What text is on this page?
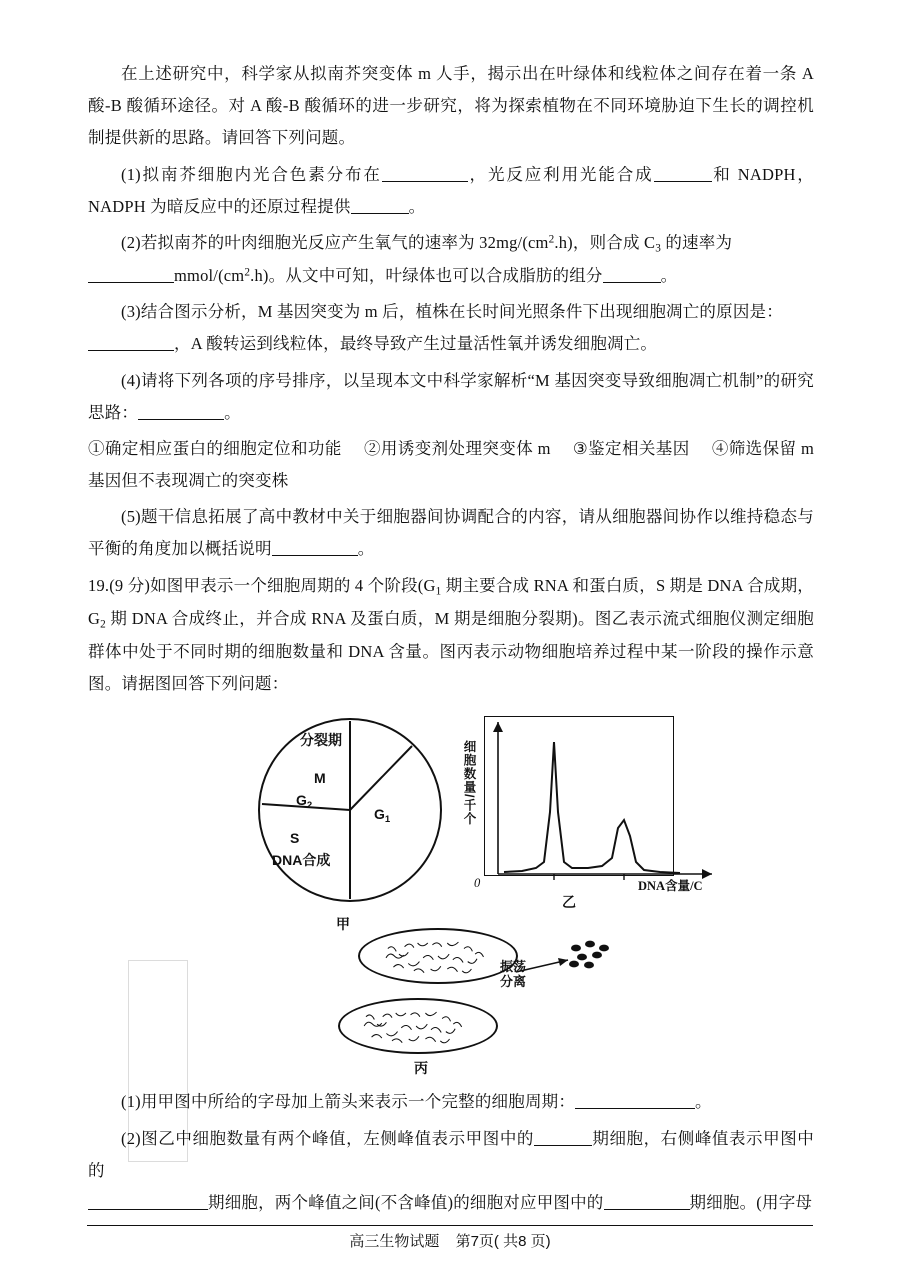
在上述研究中，科学家从拟南芥突变体 m 人手，揭示出在叶绿体和线粒体之间存在着一条 A 酸-B 酸循环途径。对 A 酸-B 酸循环的进一步研究，将为探索植物在不同环境胁迫下生长的调控机制提供新的思路。请回答下列问题。

(1)拟南芥细胞内光合色素分布在	，光反应利用光能合成	和 NADPH，NADPH 为暗反应中的还原过程提供	。

(2)若拟南芥的叶肉细胞光反应产生氧气的速率为 $32mg/(cm^2.h)$，则合成 $C_3$ 的速率为
mmol/$(cm^2.h)$。从文中可知，叶绿体也可以合成脂肪的组分	。

(3)结合图示分析，M 基因突变为 m 后，植株在长时间光照条件下出现细胞凋亡的原因是：
，A 酸转运到线粒体，最终导致产生过量活性氧并诱发细胞凋亡。

(4)请将下列各项的序号排序，以呈现本文中科学家解析“M 基因突变导致细胞凋亡机制”的研究思路：	。

①确定相应蛋白的细胞定位和功能 ②用诱变剂处理突变体 m ③鉴定相关基因 ④筛选保留 m 基因但不表现凋亡的突变株

(5)题干信息拓展了高中教材中关于细胞器间协调配合的内容，请从细胞器间协作以维持稳态与平衡的角度加以概括说明	。

19.(9 分)如图甲表示一个细胞周期的 4 个阶段($G_1$ 期主要合成 RNA 和蛋白质，S 期是 DNA 合成期，$G_2$ 期 DNA 合成终止，并合成 RNA 及蛋白质，M 期是细胞分裂期)。图乙表示流式细胞仪测定细胞群体中处于不同时期的细胞数量和 DNA 含量。图丙表示动物细胞培养过程中某一阶段的操作示意图。请据图回答下列问题：

分裂期
M
$G_2$
$G_1$
S
DNA合成
甲
细胞数量/千个
0	DNA含量/C
乙
振荡
分离
丙

(1)用甲图中所给的字母加上箭头来表示一个完整的细胞周期：	。

(2)图乙中细胞数量有两个峰值，左侧峰值表示甲图中的	期细胞，右侧峰值表示甲图中的
期细胞，两个峰值之间(不含峰值)的细胞对应甲图中的	期细胞。(用字母

高三生物试题 第7页( 共8 页)
